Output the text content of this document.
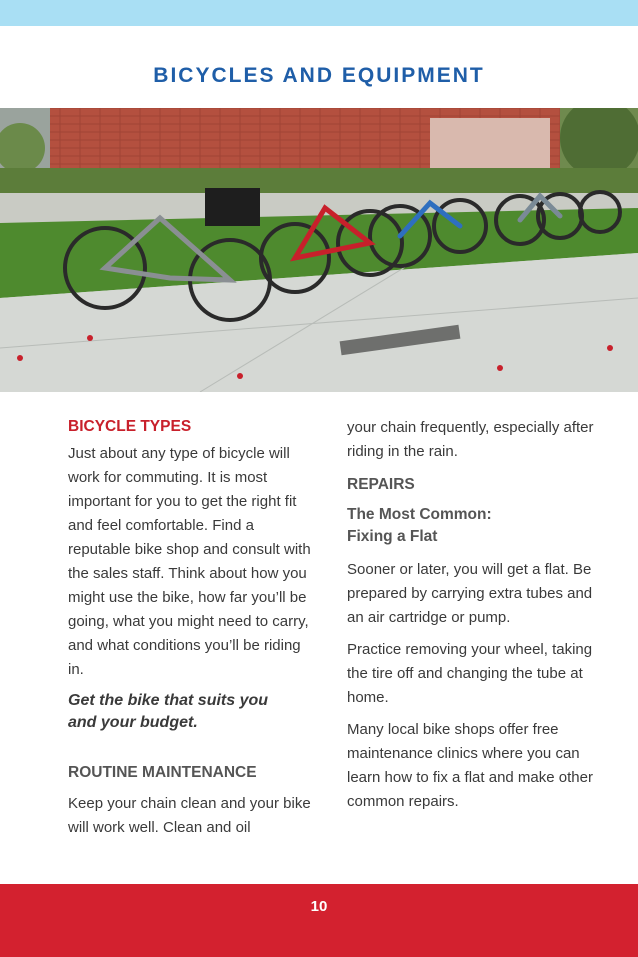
BICYCLES AND EQUIPMENT
BICYCLE TYPES

Just about any type of bicycle will work for commuting. It is most important for you to get the right fit and feel comfortable. Find a reputable bike shop and consult with the sales staff. Think about how you might use the bike, how far you’ll be going, what you might need to carry, and what conditions you’ll be riding in.

Get the bike that suits you
and your budget.
ROUTINE MAINTENANCE

Keep your chain clean and your bike will work well. Clean and oil

your chain frequently, especially after riding in the rain.

REPAIRS
The Most Common:
Fixing a Flat

Sooner or later, you will get a flat. Be prepared by carrying extra tubes and an air cartridge or pump.

Practice removing your wheel, taking the tire off and changing the tube at home.

Many local bike shops offer free maintenance clinics where you can learn how to fix a flat and make other common repairs.

10
